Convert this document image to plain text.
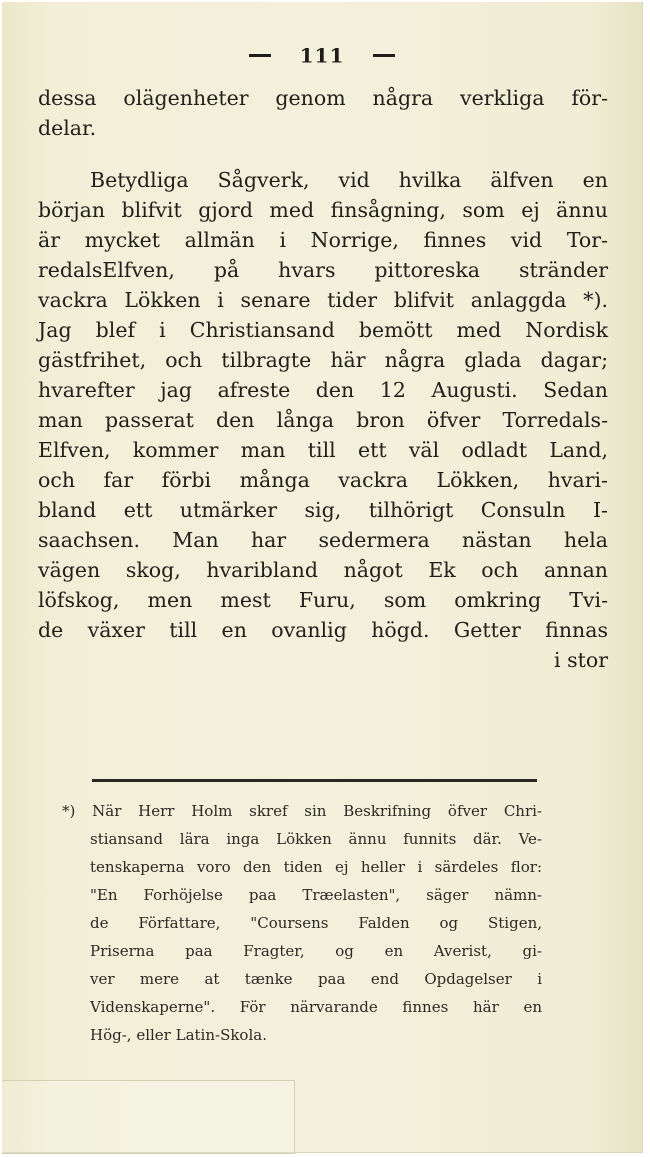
111
dessa olägenheter genom några verkliga för-
delar.
Betydliga Sågverk, vid hvilka älfven en
början blifvit gjord med finsågning, som ej ännu
är mycket allmän i Norrige, finnes vid Tor-
redalsElfven, på hvars pittoreska stränder
vackra Lökken i senare tider blifvit anlaggda *).
Jag blef i Christiansand bemött med Nordisk
gästfrihet, och tilbragte här några glada dagar;
hvarefter jag afreste den 12 Augusti. Sedan
man passerat den långa bron öfver Torredals-
Elfven, kommer man till ett väl odladt Land,
och far förbi många vackra Lökken, hvari-
bland ett utmärker sig, tilhörigt Consuln I-
saachsen. Man har sedermera nästan hela
vägen skog, hvaribland något Ek och annan
löfskog, men mest Furu, som omkring Tvi-
de växer till en ovanlig högd. Getter finnas
i stor
*) När Herr Holm skref sin Beskrifning öfver Chri-
stiansand lära inga Lökken ännu funnits där. Ve-
tenskaperna voro den tiden ej heller i särdeles flor:
"En Forhöjelse paa Træelasten", säger nämn-
de Författare, "Coursens Falden og Stigen,
Priserna paa Fragter, og en Averist, gi-
ver mere at tænke paa end Opdagelser i
Videnskaperne". För närvarande finnes här en
Hög-, eller Latin-Skola.
